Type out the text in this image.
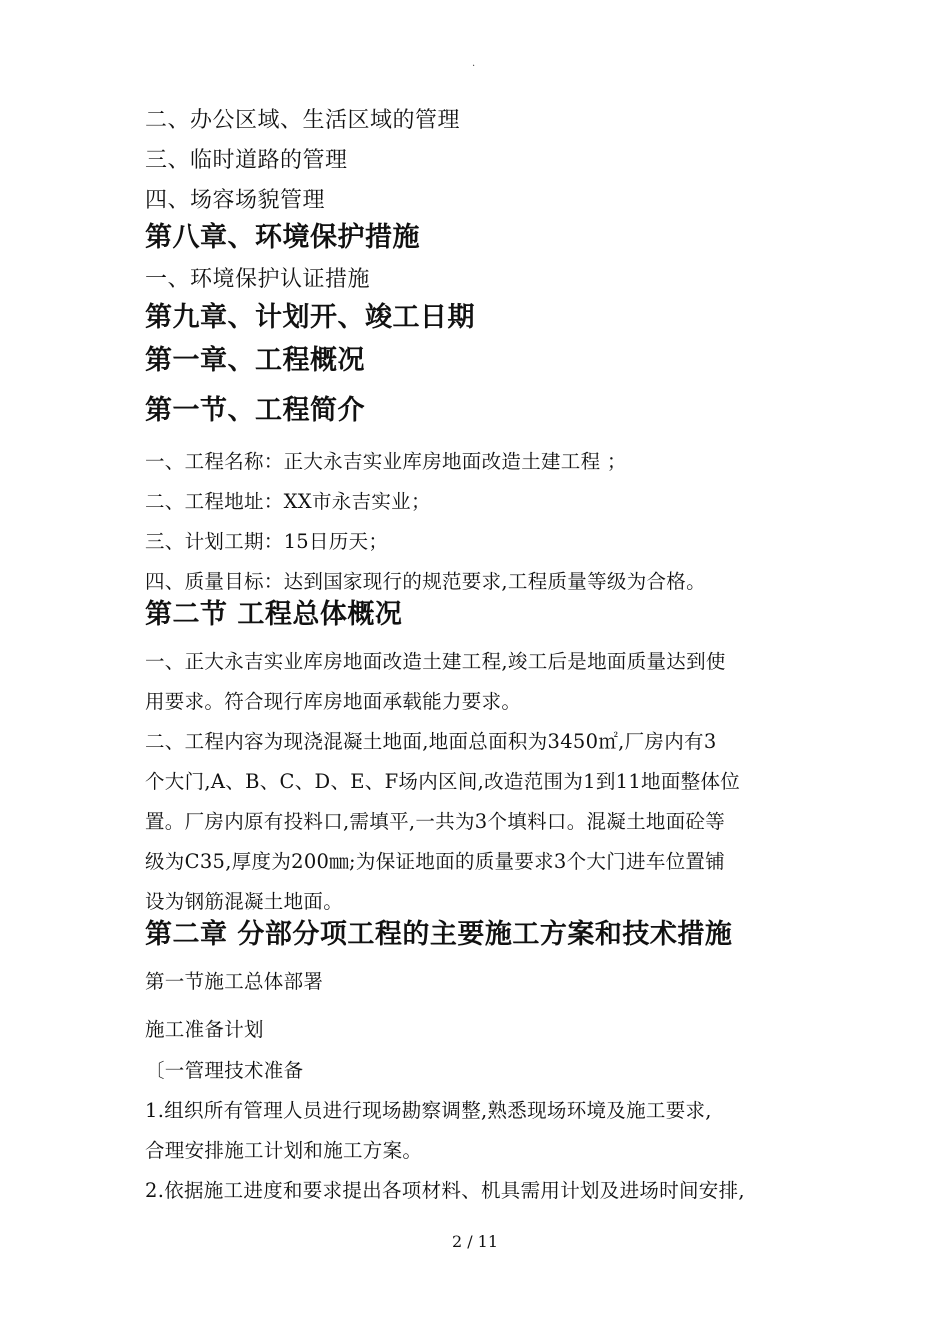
.
二、办公区域、生活区域的管理
三、临时道路的管理
四、场容场貌管理
第八章、环境保护措施
一、环境保护认证措施
第九章、计划开、竣工日期
第一章、工程概况
第一节、工程简介
一、工程名称：正大永吉实业库房地面改造土建工程 ；
二、工程地址：XX市永吉实业；
三、计划工期：15日历天；
四、质量目标：达到国家现行的规范要求,工程质量等级为合格。
第二节 工程总体概况
一、正大永吉实业库房地面改造土建工程,竣工后是地面质量达到使
用要求。符合现行库房地面承载能力要求。
二、工程内容为现浇混凝土地面,地面总面积为3450㎡,厂房内有3
个大门,A、B、C、D、E、F场内区间,改造范围为1到11地面整体位
置。厂房内原有投料口,需填平,一共为3个填料口。混凝土地面砼等
级为C35,厚度为200㎜;为保证地面的质量要求3个大门进车位置铺
设为钢筋混凝土地面。
第二章 分部分项工程的主要施工方案和技术措施
第一节施工总体部署
施工准备计划
〔一管理技术准备
1.组织所有管理人员进行现场勘察调整,熟悉现场环境及施工要求,
合理安排施工计划和施工方案。
2.依据施工进度和要求提出各项材料、机具需用计划及进场时间安排,
2 / 11
